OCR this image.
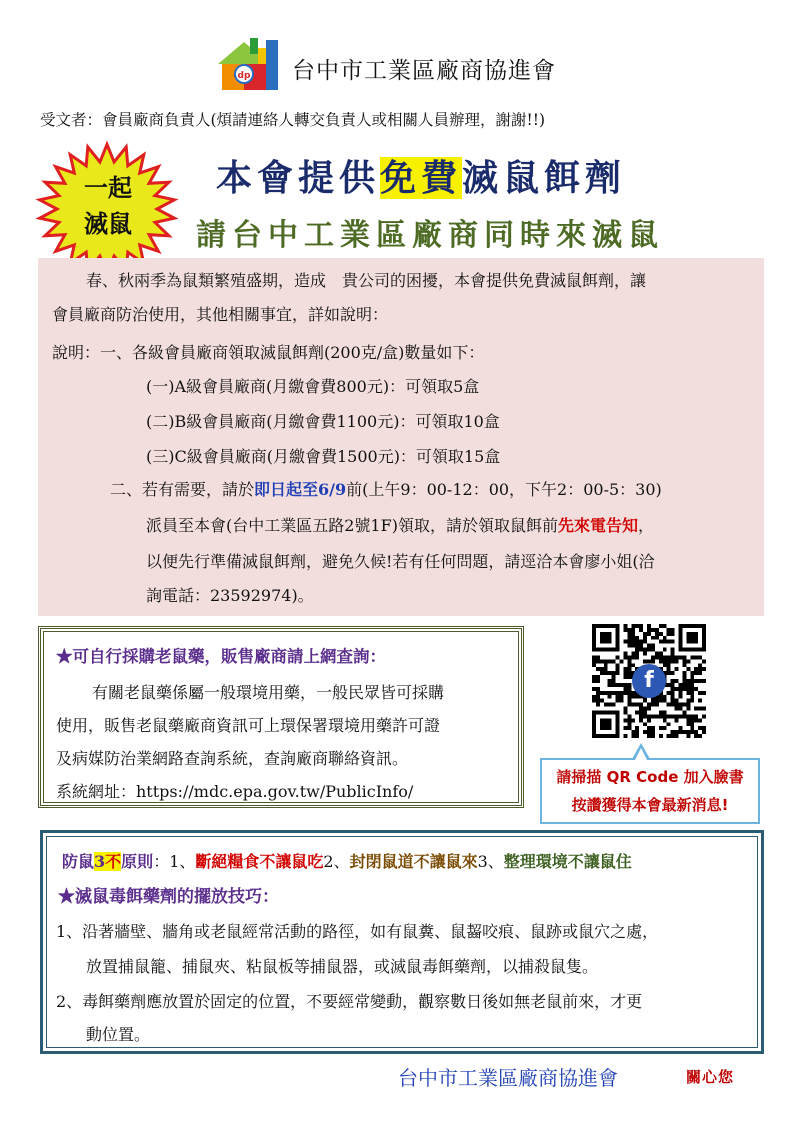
dp 台中市工業區廠商協進會
受文者：會員廠商負責人(煩請連絡人轉交負責人或相關人員辦理，謝謝!!)
一起
滅鼠
本會提供免費滅鼠餌劑
請台中工業區廠商同時來滅鼠
春、秋兩季為鼠類繁殖盛期，造成　貴公司的困擾，本會提供免費滅鼠餌劑，讓
會員廠商防治使用，其他相關事宜，詳如說明：
說明：一、各級會員廠商領取滅鼠餌劑(200克/盒)數量如下：
(一)A級會員廠商(月繳會費800元)：可領取5盒
(二)B級會員廠商(月繳會費1100元)：可領取10盒
(三)C級會員廠商(月繳會費1500元)：可領取15盒
二、若有需要，請於即日起至6/9前(上午9：00-12：00，下午2：00-5：30)
派員至本會(台中工業區五路2號1F)領取，請於領取鼠餌前先來電告知，
以便先行準備滅鼠餌劑，避免久候!若有任何問題，請逕洽本會廖小姐(洽
詢電話：23592974)。
★可自行採購老鼠藥，販售廠商請上網查詢：
有關老鼠藥係屬一般環境用藥，一般民眾皆可採購
使用，販售老鼠藥廠商資訊可上環保署環境用藥許可證
及病媒防治業網路查詢系統，查詢廠商聯絡資訊。
系統網址：https://mdc.epa.gov.tw/PublicInfo/
f
請掃描 QR Code 加入臉書
按讚獲得本會最新消息!
防鼠3不原則：1、斷絕糧食不讓鼠吃2、封閉鼠道不讓鼠來3、整理環境不讓鼠住
★滅鼠毒餌藥劑的擺放技巧：
1、沿著牆壁、牆角或老鼠經常活動的路徑，如有鼠糞、鼠齧咬痕、鼠跡或鼠穴之處，
放置捕鼠籠、捕鼠夾、粘鼠板等捕鼠器，或滅鼠毒餌藥劑，以捕殺鼠隻。
2、毒餌藥劑應放置於固定的位置，不要經常變動，觀察數日後如無老鼠前來，才更
動位置。
台中市工業區廠商協進會	關心您
